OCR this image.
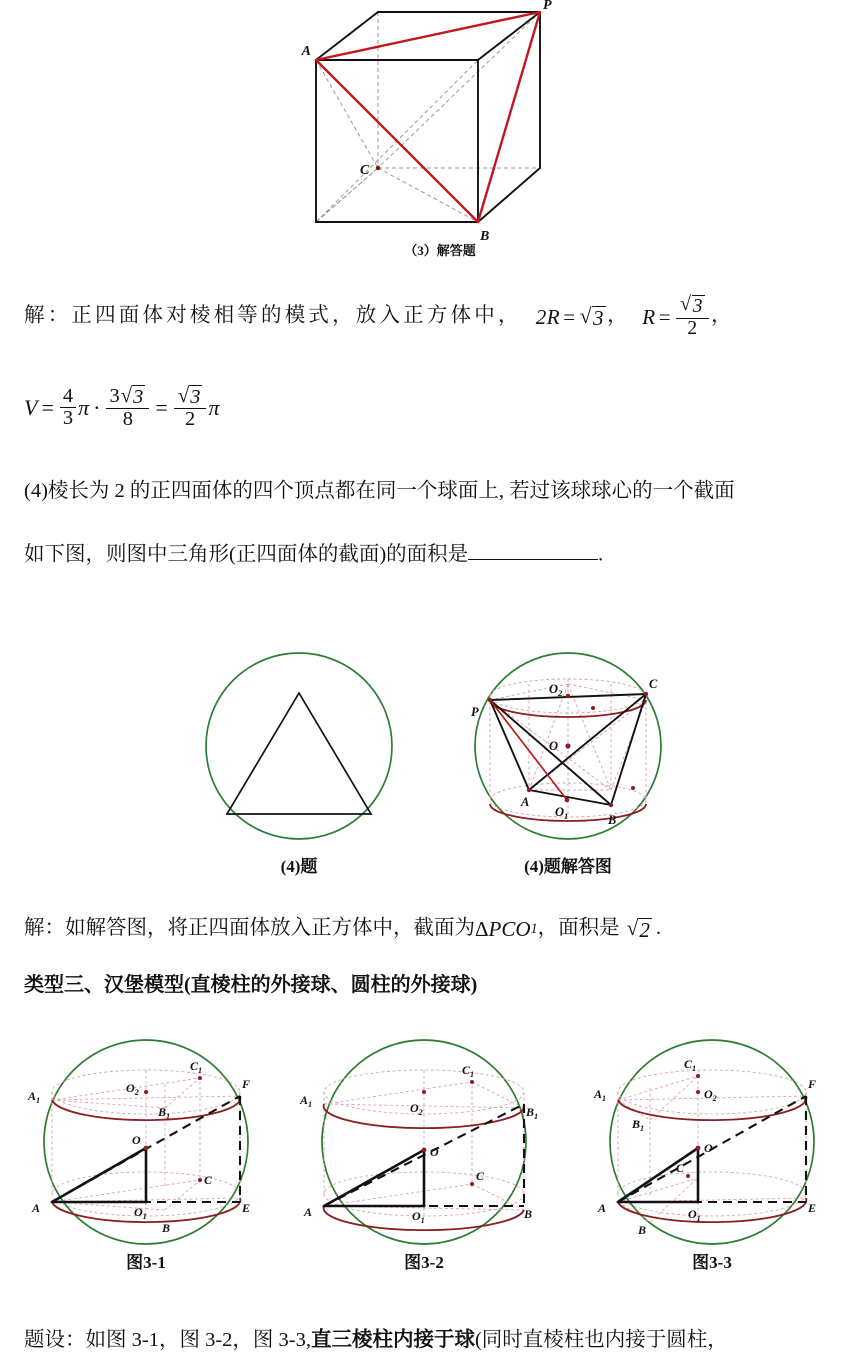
P
A
C
B
（3）解答题
解：正四面体对棱相等的模式，放入正方体中， 2R = √ 3 ， $R = \frac{√ 3}{2}$ ，
$V = \frac{4}{3}$ $\pi \cdot \frac{3 √ 3}{8} = \frac{√ 3}{2}$ π
(4)棱长为 2 的正四面体的四个顶点都在同一个球面上, 若过该球球心的一个截面
如下图，则图中三角形(正四面体的截面)的面积是	.
(4)题
P
C
$O_2$
O
A
$O_1$	B
(4)题解答图
解：如解答图，将正四面体放入正方体中，截面为 Δ PCO 1 ，面积是 √ 2 .
类型三、汉堡模型(直棱柱的外接球、圆柱的外接球)
$A_1$
$C_1$
$O_2$
$B_1$
F
O
C
A	$O_1$
E
B
图3-1
$A_1$
$C_1$
$O_2$	$B_1$
O
C
A	$O_1$	B
图3-2
$A_1$
$C_1$
$O_2$
$B_1$
F
O
C
A	$O_1$
E
B
图3-3
题设：如图 3-1，图 3-2，图 3-3,直三棱柱内接于球(同时直棱柱也内接于圆柱，
